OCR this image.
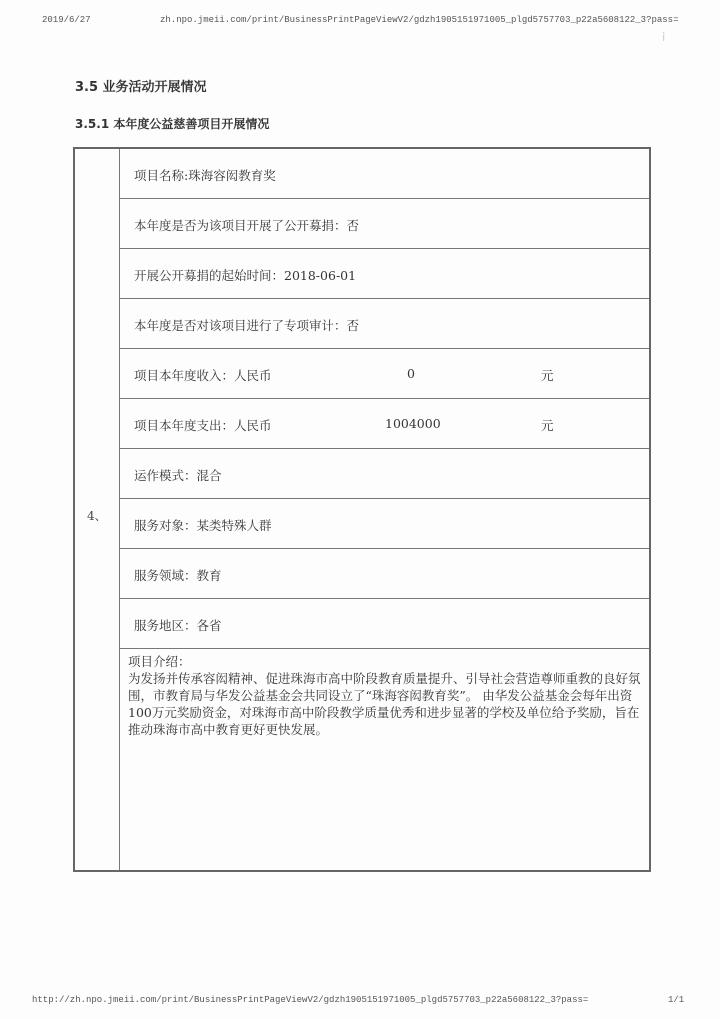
2019/6/27	zh.npo.jmeii.com/print/BusinessPrintPageViewV2/gdzh1905151971005_plgd5757703_p22a5608122_3?pass=
ⅰ
3.5 业务活动开展情况
3.5.1 本年度公益慈善项目开展情况
4、
项目名称:珠海容闳教育奖
本年度是否为该项目开展了公开募捐：否
开展公开募捐的起始时间：2018-06-01
本年度是否对该项目进行了专项审计：否
项目本年度收入：人民币	0	元
项目本年度支出：人民币	1004000	元
运作模式：混合
服务对象：某类特殊人群
服务领域：教育
服务地区：各省
项目介绍：
为发扬并传承容闳精神、促进珠海市高中阶段教育质量提升、引导社会营造尊师重教的良好氛围，市教育局与华发公益基金会共同设立了“珠海容闳教育奖”。 由华发公益基金会每年出资100万元奖励资金，对珠海市高中阶段教学质量优秀和进步显著的学校及单位给予奖励，旨在推动珠海市高中教育更好更快发展。
http://zh.npo.jmeii.com/print/BusinessPrintPageViewV2/gdzh1905151971005_plgd5757703_p22a5608122_3?pass=	1/1
